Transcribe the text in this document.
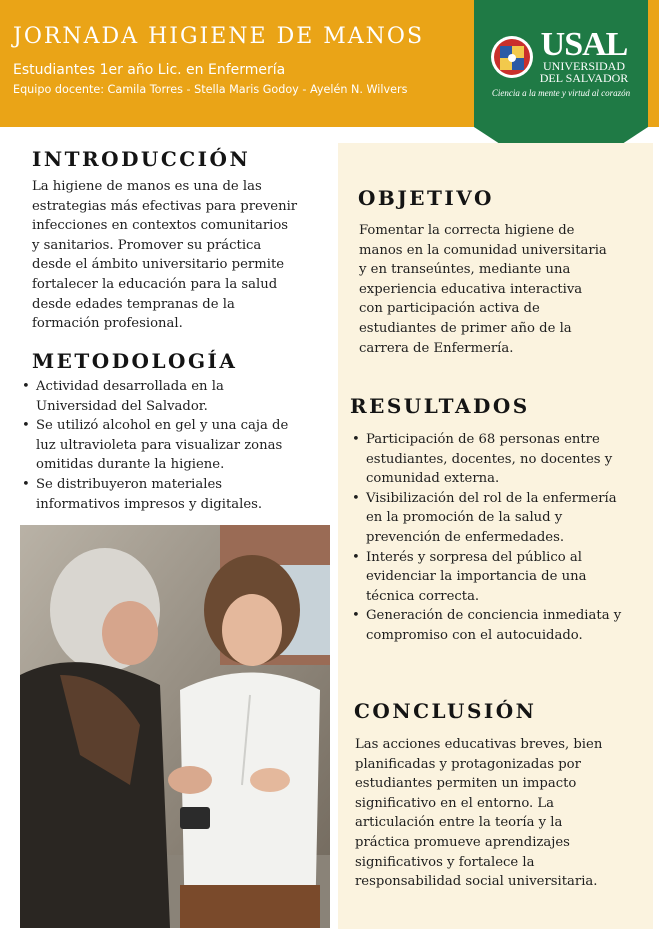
JORNADA HIGIENE DE MANOS
Estudiantes 1er año Lic. en Enfermería
Equipo docente: Camila Torres - Stella Maris Godoy - Ayelén N. Wilvers
USAL
UNIVERSIDAD
DEL SALVADOR
Ciencia a la mente y virtud al corazón
INTRODUCCIÓN
La higiene de manos es una de las
estrategias más efectivas para prevenir
infecciones en contextos comunitarios
y sanitarios. Promover su práctica
desde el ámbito universitario permite
fortalecer la educación para la salud
desde edades tempranas de la
formación profesional.
METODOLOGÍA
• Actividad desarrollada en la
Universidad del Salvador.
• Se utilizó alcohol en gel y una caja de
luz ultravioleta para visualizar zonas
omitidas durante la higiene.
• Se distribuyeron materiales
informativos impresos y digitales.
OBJETIVO
Fomentar la correcta higiene de
manos en la comunidad universitaria
y en transeúntes, mediante una
experiencia educativa interactiva
con participación activa de
estudiantes de primer año de la
carrera de Enfermería.
RESULTADOS
• Participación de 68 personas entre
estudiantes, docentes, no docentes y
comunidad externa.
• Visibilización del rol de la enfermería
en la promoción de la salud y
prevención de enfermedades.
• Interés y sorpresa del público al
evidenciar la importancia de una
técnica correcta.
• Generación de conciencia inmediata y
compromiso con el autocuidado.
CONCLUSIÓN
Las acciones educativas breves, bien
planificadas y protagonizadas por
estudiantes permiten un impacto
significativo en el entorno. La
articulación entre la teoría y la
práctica promueve aprendizajes
significativos y fortalece la
responsabilidad social universitaria.
